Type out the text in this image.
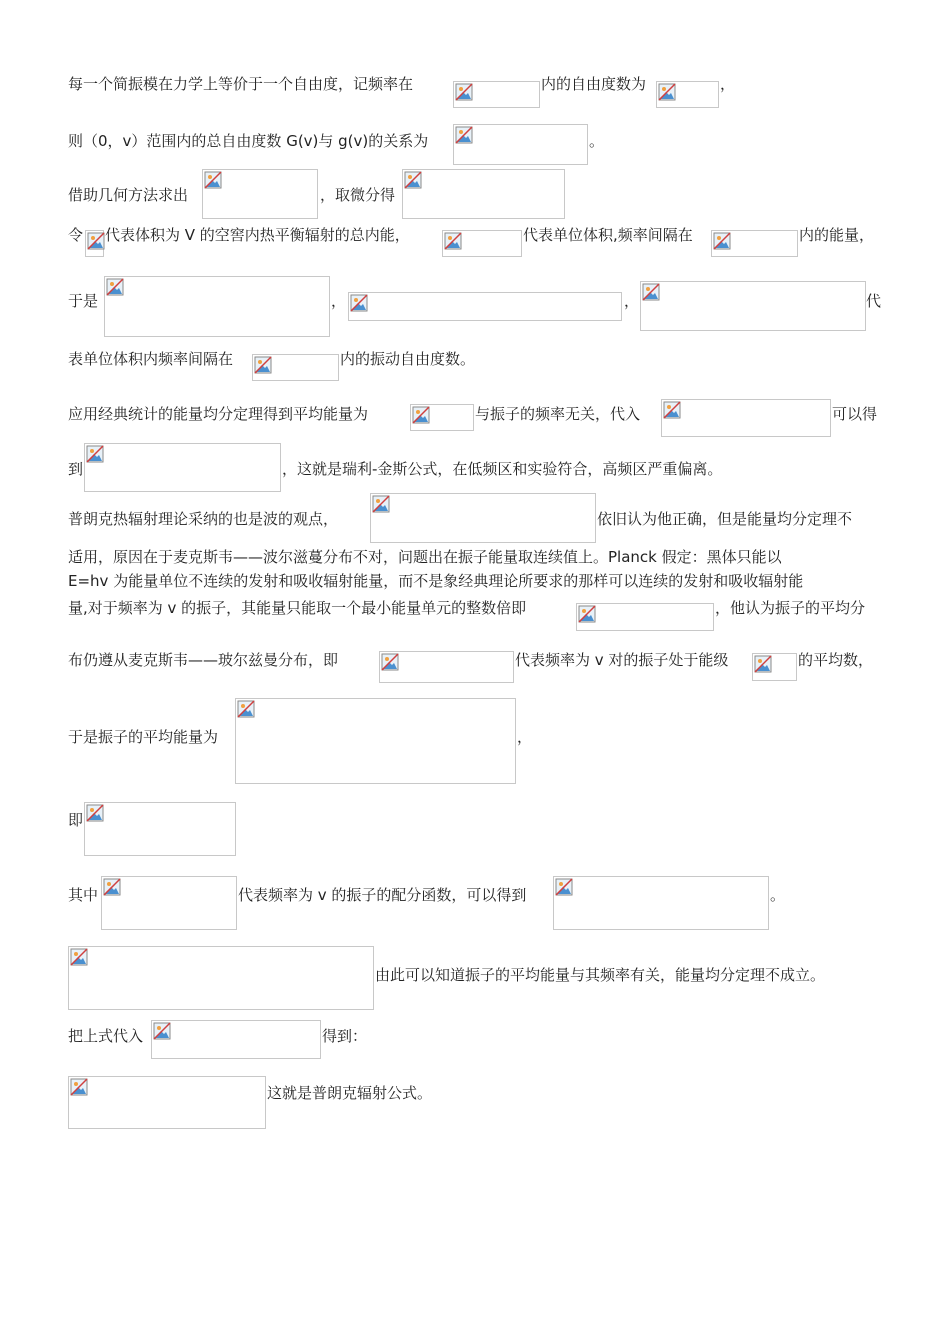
每一个简振模在力学上等价于一个自由度，记频率在	内的自由度数为	，
则（0，v）范围内的总自由度数 G(v)与 g(v)的关系为	。
借助几何方法求出	，取微分得
令 代表体积为 V 的空窖内热平衡辐射的总内能，	代表单位体积,频率间隔在	内的能量，
于是	，	，	代
表单位体积内频率间隔在	内的振动自由度数。
应用经典统计的能量均分定理得到平均能量为	与振子的频率无关，代入	可以得
到	，这就是瑞利-金斯公式，在低频区和实验符合，高频区严重偏离。
普朗克热辐射理论采纳的也是波的观点，	依旧认为他正确，但是能量均分定理不
适用，原因在于麦克斯韦——波尔滋蔓分布不对，问题出在振子能量取连续值上。Planck 假定：黑体只能以
E=hv 为能量单位不连续的发射和吸收辐射能量，而不是象经典理论所要求的那样可以连续的发射和吸收辐射能
量,对于频率为 v 的振子，其能量只能取一个最小能量单元的整数倍即	，他认为振子的平均分
布仍遵从麦克斯韦——玻尔兹曼分布，即	代表频率为 v 对的振子处于能级	的平均数，
于是振子的平均能量为	，
即
其中	代表频率为 v 的振子的配分函数，可以得到	。
由此可以知道振子的平均能量与其频率有关，能量均分定理不成立。
把上式代入	得到：
这就是普朗克辐射公式。
